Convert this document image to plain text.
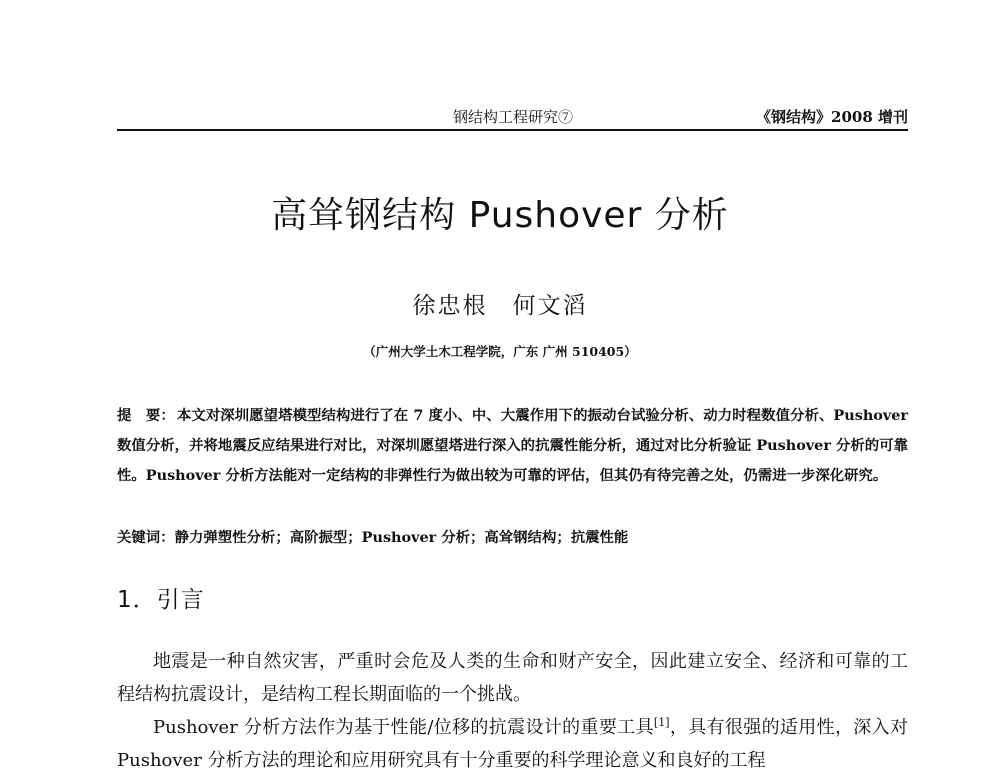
钢结构工程研究⑦	《钢结构》2008 增刊
高耸钢结构 Pushover 分析
徐忠根　何文滔
（广州大学土木工程学院，广东 广州 510405）
提　要： 本文对深圳愿望塔模型结构进行了在 7 度小、中、大震作用下的振动台试验分析、动力时程数值分析、Pushover 数值分析，并将地震反应结果进行对比，对深圳愿望塔进行深入的抗震性能分析，通过对比分析验证 Pushover 分析的可靠性。Pushover 分析方法能对一定结构的非弹性行为做出较为可靠的评估，但其仍有待完善之处，仍需进一步深化研究。
关键词：静力弹塑性分析；高阶振型；Pushover 分析；高耸钢结构；抗震性能
1．引言

地震是一种自然灾害，严重时会危及人类的生命和财产安全，因此建立安全、经济和可靠的工程结构抗震设计，是结构工程长期面临的一个挑战。

Pushover 分析方法作为基于性能/位移的抗震设计的重要工具[1]，具有很强的适用性，深入对 Pushover 分析方法的理论和应用研究具有十分重要的科学理论意义和良好的工程
